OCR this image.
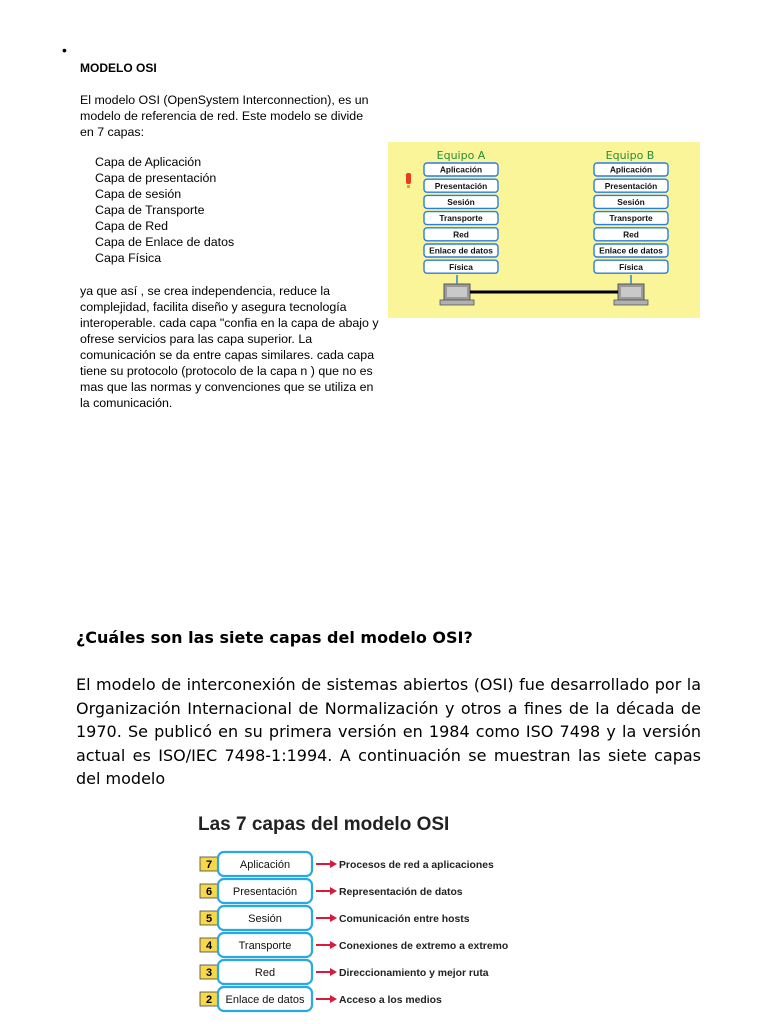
•
MODELO OSI
El modelo OSI (OpenSystem Interconnection), es un modelo de referencia de red. Este modelo se divide en 7 capas:
Capa de Aplicación
Capa de presentación
Capa de sesión
Capa de Transporte
Capa de Red
Capa de Enlace de datos
Capa Física
ya que así , se crea independencia, reduce la complejidad, facilita diseño y asegura tecnología interoperable. cada capa "confia en la capa de abajo y ofrese servicios para las capa superior. La comunicación se da entre capas similares. cada capa tiene su protocolo (protocolo de la capa n ) que no es mas que las normas y convenciones que se utiliza en la comunicación.
Equipo A	Equipo B
Aplicación
Presentación
Sesión
Transporte
Red
Enlace de datos
Física
Aplicación
Presentación
Sesión
Transporte
Red
Enlace de datos
Física
¿Cuáles son las siete capas del modelo OSI?
El modelo de interconexión de sistemas abiertos (OSI) fue desarrollado por la Organización Internacional de Normalización y otros a fines de la década de 1970. Se publicó en su primera versión en 1984 como ISO 7498 y la versión actual es ISO/IEC 7498-1:1994. A continuación se muestran las siete capas del modelo
Las 7 capas del modelo OSI
7	Aplicación	Procesos de red a aplicaciones
6 Presentación	Representación de datos
5	Sesión	Comunicación entre hosts
4 Transporte	Conexiones de extremo a extremo
3	Red	Direccionamiento y mejor ruta
2 Enlace de datos	Acceso a los medios
